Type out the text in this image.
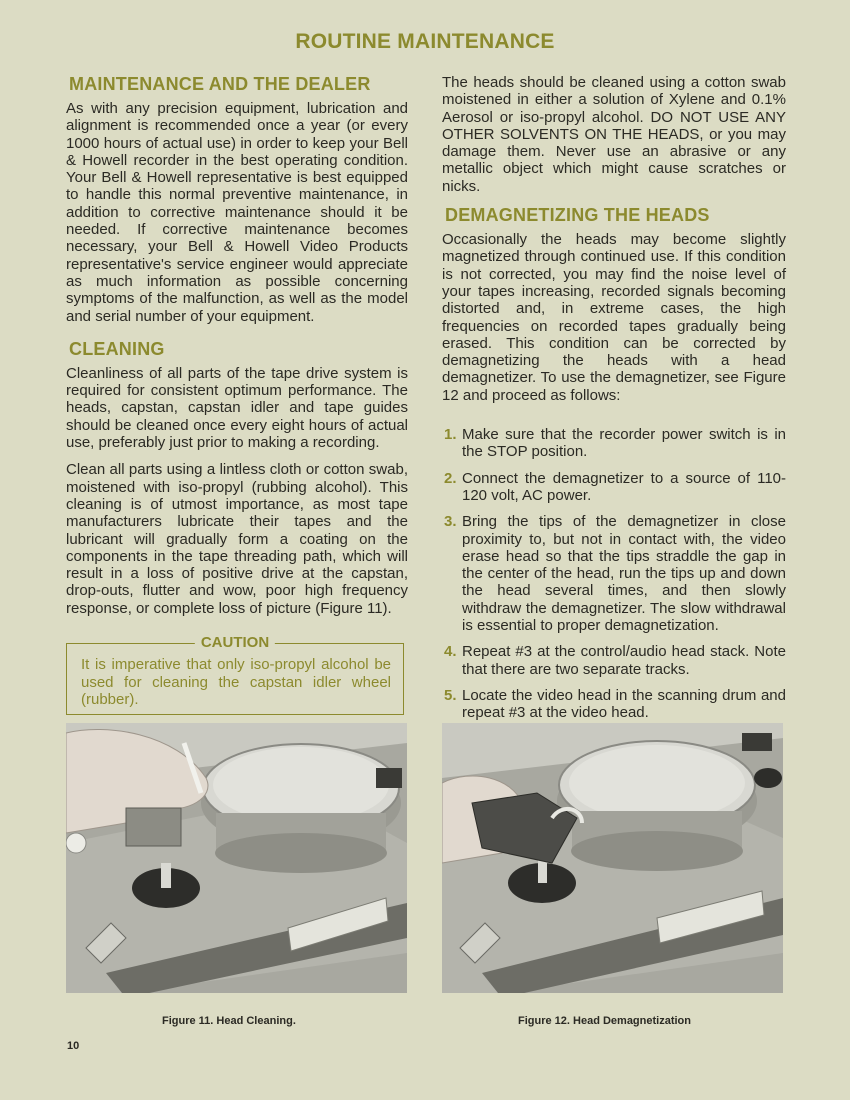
ROUTINE MAINTENANCE
MAINTENANCE AND THE DEALER

As with any precision equipment, lubrication and alignment is recommended once a year (or every 1000 hours of actual use) in order to keep your Bell & Howell recorder in the best operating condition. Your Bell & Howell representative is best equipped to handle this normal preventive maintenance, in addition to corrective maintenance should it be needed. If corrective maintenance becomes necessary, your Bell & Howell Video Products representative's service engineer would appreciate as much information as possible concerning symptoms of the malfunction, as well as the model and serial number of your equipment.

CLEANING

Cleanliness of all parts of the tape drive system is required for consistent optimum performance. The heads, capstan, capstan idler and tape guides should be cleaned once every eight hours of actual use, preferably just prior to making a recording.

Clean all parts using a lintless cloth or cotton swab, moistened with iso-propyl (rubbing alcohol). This cleaning is of utmost importance, as most tape manufacturers lubricate their tapes and the lubricant will gradually form a coating on the components in the tape threading path, which will result in a loss of positive drive at the capstan, drop-outs, flutter and wow, poor high frequency response, or complete loss of picture (Figure 11).

CAUTION
It is imperative that only iso-propyl alcohol be used for cleaning the capstan idler wheel (rubber).

The heads should be cleaned using a cotton swab moistened in either a solution of Xylene and 0.1% Aerosol or iso-propyl alcohol. DO NOT USE ANY OTHER SOLVENTS ON THE HEADS, or you may damage them. Never use an abrasive or any metallic object which might cause scratches or nicks.

DEMAGNETIZING THE HEADS

Occasionally the heads may become slightly magnetized through continued use. If this condition is not corrected, you may find the noise level of your tapes increasing, recorded signals becoming distorted and, in extreme cases, the high frequencies on recorded tapes gradually being erased. This condition can be corrected by demagnetizing the heads with a head demagnetizer. To use the demagnetizer, see Figure 12 and proceed as follows:

1. Make sure that the recorder power switch is in the STOP position.
2. Connect the demagnetizer to a source of 110-120 volt, AC power.
3. Bring the tips of the demagnetizer in close proximity to, but not in contact with, the video erase head so that the tips straddle the gap in the center of the head, run the tips up and down the head several times, and then slowly withdraw the demagnetizer. The slow withdrawal is essential to proper demagnetization.
4. Repeat #3 at the control/audio head stack. Note that there are two separate tracks.
5. Locate the video head in the scanning drum and repeat #3 at the video head.
Figure 11. Head Cleaning.	Figure 12. Head Demagnetization
10
